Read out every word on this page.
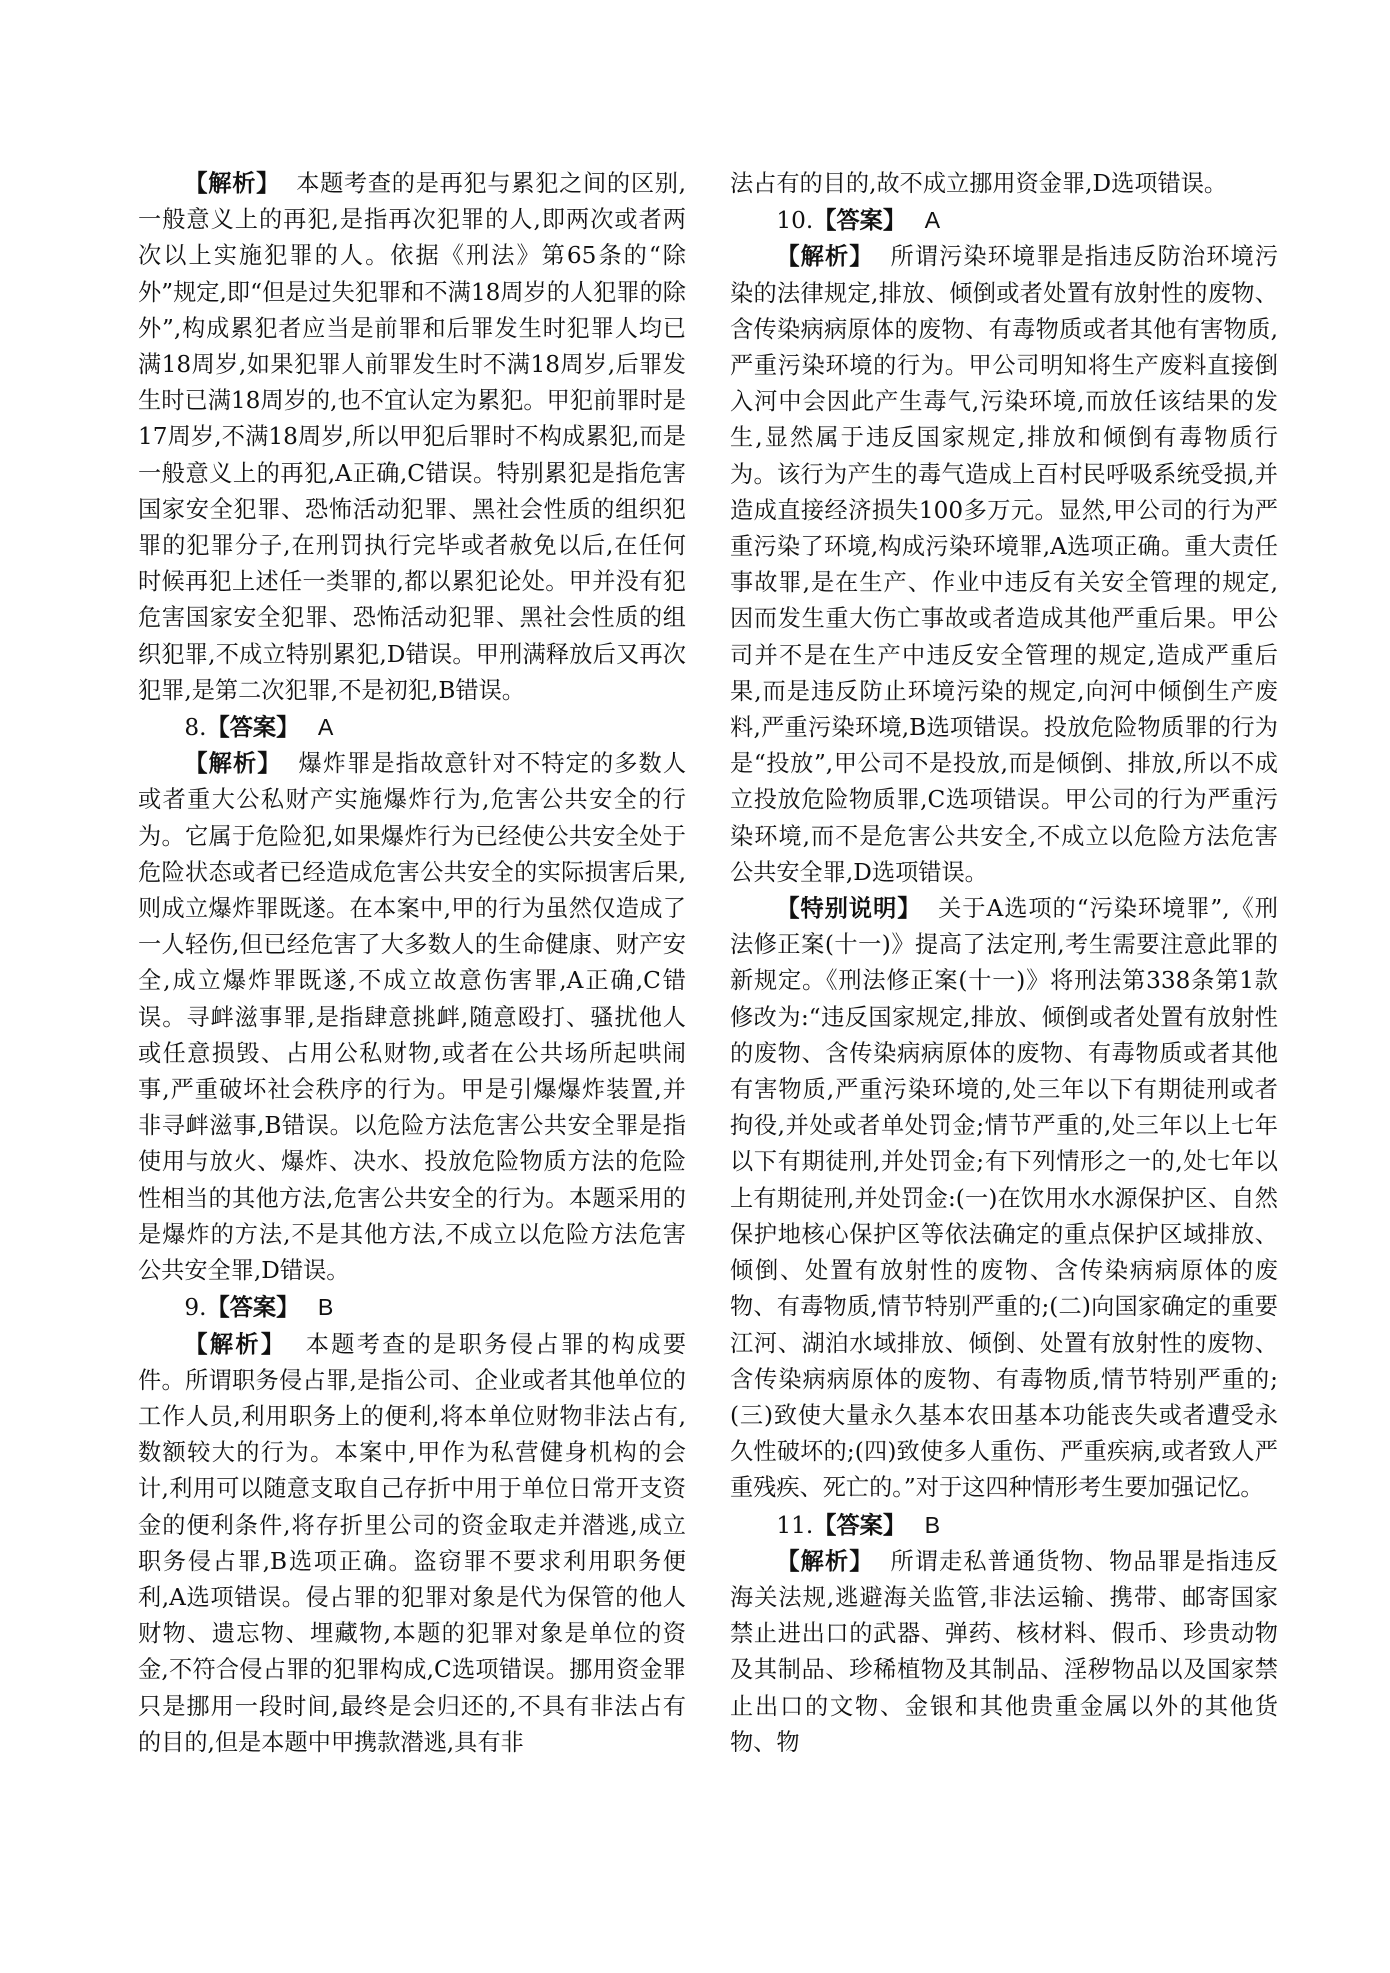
【解析】 本题考查的是再犯与累犯之间的区别,一般意义上的再犯,是指再次犯罪的人,即两次或者两次以上实施犯罪的人。依据《刑法》第65条的“除外”规定,即“但是过失犯罪和不满18周岁的人犯罪的除外”,构成累犯者应当是前罪和后罪发生时犯罪人均已满18周岁,如果犯罪人前罪发生时不满18周岁,后罪发生时已满18周岁的,也不宜认定为累犯。甲犯前罪时是17周岁,不满18周岁,所以甲犯后罪时不构成累犯,而是一般意义上的再犯,A正确,C错误。特别累犯是指危害国家安全犯罪、恐怖活动犯罪、黑社会性质的组织犯罪的犯罪分子,在刑罚执行完毕或者赦免以后,在任何时候再犯上述任一类罪的,都以累犯论处。甲并没有犯危害国家安全犯罪、恐怖活动犯罪、黑社会性质的组织犯罪,不成立特别累犯,D错误。甲刑满释放后又再次犯罪,是第二次犯罪,不是初犯,B错误。

8.【答案】 A

【解析】 爆炸罪是指故意针对不特定的多数人或者重大公私财产实施爆炸行为,危害公共安全的行为。它属于危险犯,如果爆炸行为已经使公共安全处于危险状态或者已经造成危害公共安全的实际损害后果,则成立爆炸罪既遂。在本案中,甲的行为虽然仅造成了一人轻伤,但已经危害了大多数人的生命健康、财产安全,成立爆炸罪既遂,不成立故意伤害罪,A正确,C错误。寻衅滋事罪,是指肆意挑衅,随意殴打、骚扰他人或任意损毁、占用公私财物,或者在公共场所起哄闹事,严重破坏社会秩序的行为。甲是引爆爆炸装置,并非寻衅滋事,B错误。以危险方法危害公共安全罪是指使用与放火、爆炸、决水、投放危险物质方法的危险性相当的其他方法,危害公共安全的行为。本题采用的是爆炸的方法,不是其他方法,不成立以危险方法危害公共安全罪,D错误。

9.【答案】 B

【解析】 本题考查的是职务侵占罪的构成要件。所谓职务侵占罪,是指公司、企业或者其他单位的工作人员,利用职务上的便利,将本单位财物非法占有,数额较大的行为。本案中,甲作为私营健身机构的会计,利用可以随意支取自己存折中用于单位日常开支资金的便利条件,将存折里公司的资金取走并潜逃,成立职务侵占罪,B选项正确。盗窃罪不要求利用职务便利,A选项错误。侵占罪的犯罪对象是代为保管的他人财物、遗忘物、埋藏物,本题的犯罪对象是单位的资金,不符合侵占罪的犯罪构成,C选项错误。挪用资金罪只是挪用一段时间,最终是会归还的,不具有非法占有的目的,但是本题中甲携款潜逃,具有非

法占有的目的,故不成立挪用资金罪,D选项错误。

10.【答案】 A

【解析】 所谓污染环境罪是指违反防治环境污染的法律规定,排放、倾倒或者处置有放射性的废物、含传染病病原体的废物、有毒物质或者其他有害物质,严重污染环境的行为。甲公司明知将生产废料直接倒入河中会因此产生毒气,污染环境,而放任该结果的发生,显然属于违反国家规定,排放和倾倒有毒物质行为。该行为产生的毒气造成上百村民呼吸系统受损,并造成直接经济损失100多万元。显然,甲公司的行为严重污染了环境,构成污染环境罪,A选项正确。重大责任事故罪,是在生产、作业中违反有关安全管理的规定,因而发生重大伤亡事故或者造成其他严重后果。甲公司并不是在生产中违反安全管理的规定,造成严重后果,而是违反防止环境污染的规定,向河中倾倒生产废料,严重污染环境,B选项错误。投放危险物质罪的行为是“投放”,甲公司不是投放,而是倾倒、排放,所以不成立投放危险物质罪,C选项错误。甲公司的行为严重污染环境,而不是危害公共安全,不成立以危险方法危害公共安全罪,D选项错误。

【特别说明】 关于A选项的“污染环境罪”,《刑法修正案(十一)》提高了法定刑,考生需要注意此罪的新规定。《刑法修正案(十一)》将刑法第338条第1款修改为:“违反国家规定,排放、倾倒或者处置有放射性的废物、含传染病病原体的废物、有毒物质或者其他有害物质,严重污染环境的,处三年以下有期徒刑或者拘役,并处或者单处罚金;情节严重的,处三年以上七年以下有期徒刑,并处罚金;有下列情形之一的,处七年以上有期徒刑,并处罚金:(一)在饮用水水源保护区、自然保护地核心保护区等依法确定的重点保护区域排放、倾倒、处置有放射性的废物、含传染病病原体的废物、有毒物质,情节特别严重的;(二)向国家确定的重要江河、湖泊水域排放、倾倒、处置有放射性的废物、含传染病病原体的废物、有毒物质,情节特别严重的;(三)致使大量永久基本农田基本功能丧失或者遭受永久性破坏的;(四)致使多人重伤、严重疾病,或者致人严重残疾、死亡的。”对于这四种情形考生要加强记忆。

11.【答案】 B

【解析】 所谓走私普通货物、物品罪是指违反海关法规,逃避海关监管,非法运输、携带、邮寄国家禁止进出口的武器、弹药、核材料、假币、珍贵动物及其制品、珍稀植物及其制品、淫秽物品以及国家禁止出口的文物、金银和其他贵重金属以外的其他货物、物
